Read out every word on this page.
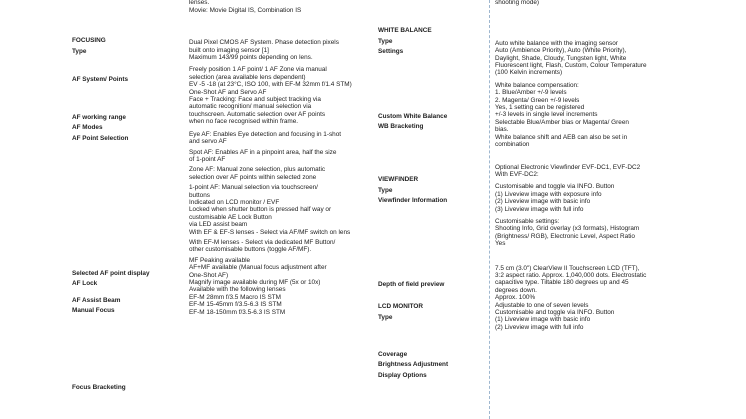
FOCUSING
Type
AF System/ Points
AF working range
AF Modes
AF Point Selection
Selected AF point display
AF Lock
AF Assist Beam
Manual Focus
Focus Bracketing

lenses.
Movie: Movie Digital IS, Combination IS
Dual Pixel CMOS AF System. Phase detection pixels
built onto imaging sensor [1]
Maximum 143/99 points depending on lens.
Freely position 1 AF point/ 1 AF Zone via manual
selection (area available lens dependent)
EV -5 -18 (at 23°C, ISO 100, with EF-M 32mm f/1.4 STM)
One-Shot AF and Servo AF
Face + Tracking: Face and subject tracking via
automatic recognition/ manual selection via
touchscreen. Automatic selection over AF points
when no face recognised within frame.
Eye AF: Enables Eye detection and focusing in 1-shot
and servo AF
Spot AF: Enables AF in a pinpoint area, half the size
of 1-point AF
Zone AF: Manual zone selection, plus automatic
selection over AF points within selected zone
1-point AF: Manual selection via touchscreen/
buttons
Indicated on LCD monitor / EVF
Locked when shutter button is pressed half way or
customisable AE Lock Button
via LED assist beam
With EF & EF-S lenses - Select via AF/MF switch on lens
With EF-M lenses - Select via dedicated MF Button/
other customisable buttons (toggle AF/MF).
MF Peaking available
AF+MF available (Manual focus adjustment after
One-Shot AF)
Magnify image available during MF (5x or 10x)
Available with the following lenses
EF-M 28mm f/3.5 Macro IS STM
EF-M 15-45mm f/3.5-6.3 IS STM
EF-M 18-150mm f/3.5-6.3 IS STM
WHITE BALANCE
Type
Settings
Custom White Balance
WB Bracketing
VIEWFINDER
Type
Viewfinder Information
Depth of field preview
LCD MONITOR
Type
Coverage
Brightness Adjustment
Display Options

shooting mode)
Auto white balance with the imaging sensor
Auto (Ambience Priority), Auto (White Priority),
Daylight, Shade, Cloudy, Tungsten light, White
Fluorescent light, Flash, Custom, Colour Temperature
(100 Kelvin increments)
White balance compensation:
1. Blue/Amber +/-9 levels
2. Magenta/ Green +/-9 levels
Yes, 1 setting can be registered
+/-3 levels in single level increments
Selectable Blue/Amber bias or Magenta/ Green
bias.
White balance shift and AEB can also be set in
combination
Optional Electronic Viewfinder EVF-DC1, EVF-DC2
With EVF-DC2:
Customisable and toggle via INFO. Button
(1) Liveview image with exposure info
(2) Liveview image with basic info
(3) Liveview image with full info
Customisable settings:
Shooting Info, Grid overlay (x3 formats), Histogram
(Brightness/ RGB), Electronic Level, Aspect Ratio
Yes
7.5 cm (3.0") ClearView II Touchscreen LCD (TFT),
3:2 aspect ratio. Approx. 1,040,000 dots. Electrostatic
capacitive type. Tiltable 180 degrees up and 45
degrees down.
Approx. 100%
Adjustable to one of seven levels
Customisable and toggle via INFO. Button
(1) Liveview image with basic info
(2) Liveview image with full info
